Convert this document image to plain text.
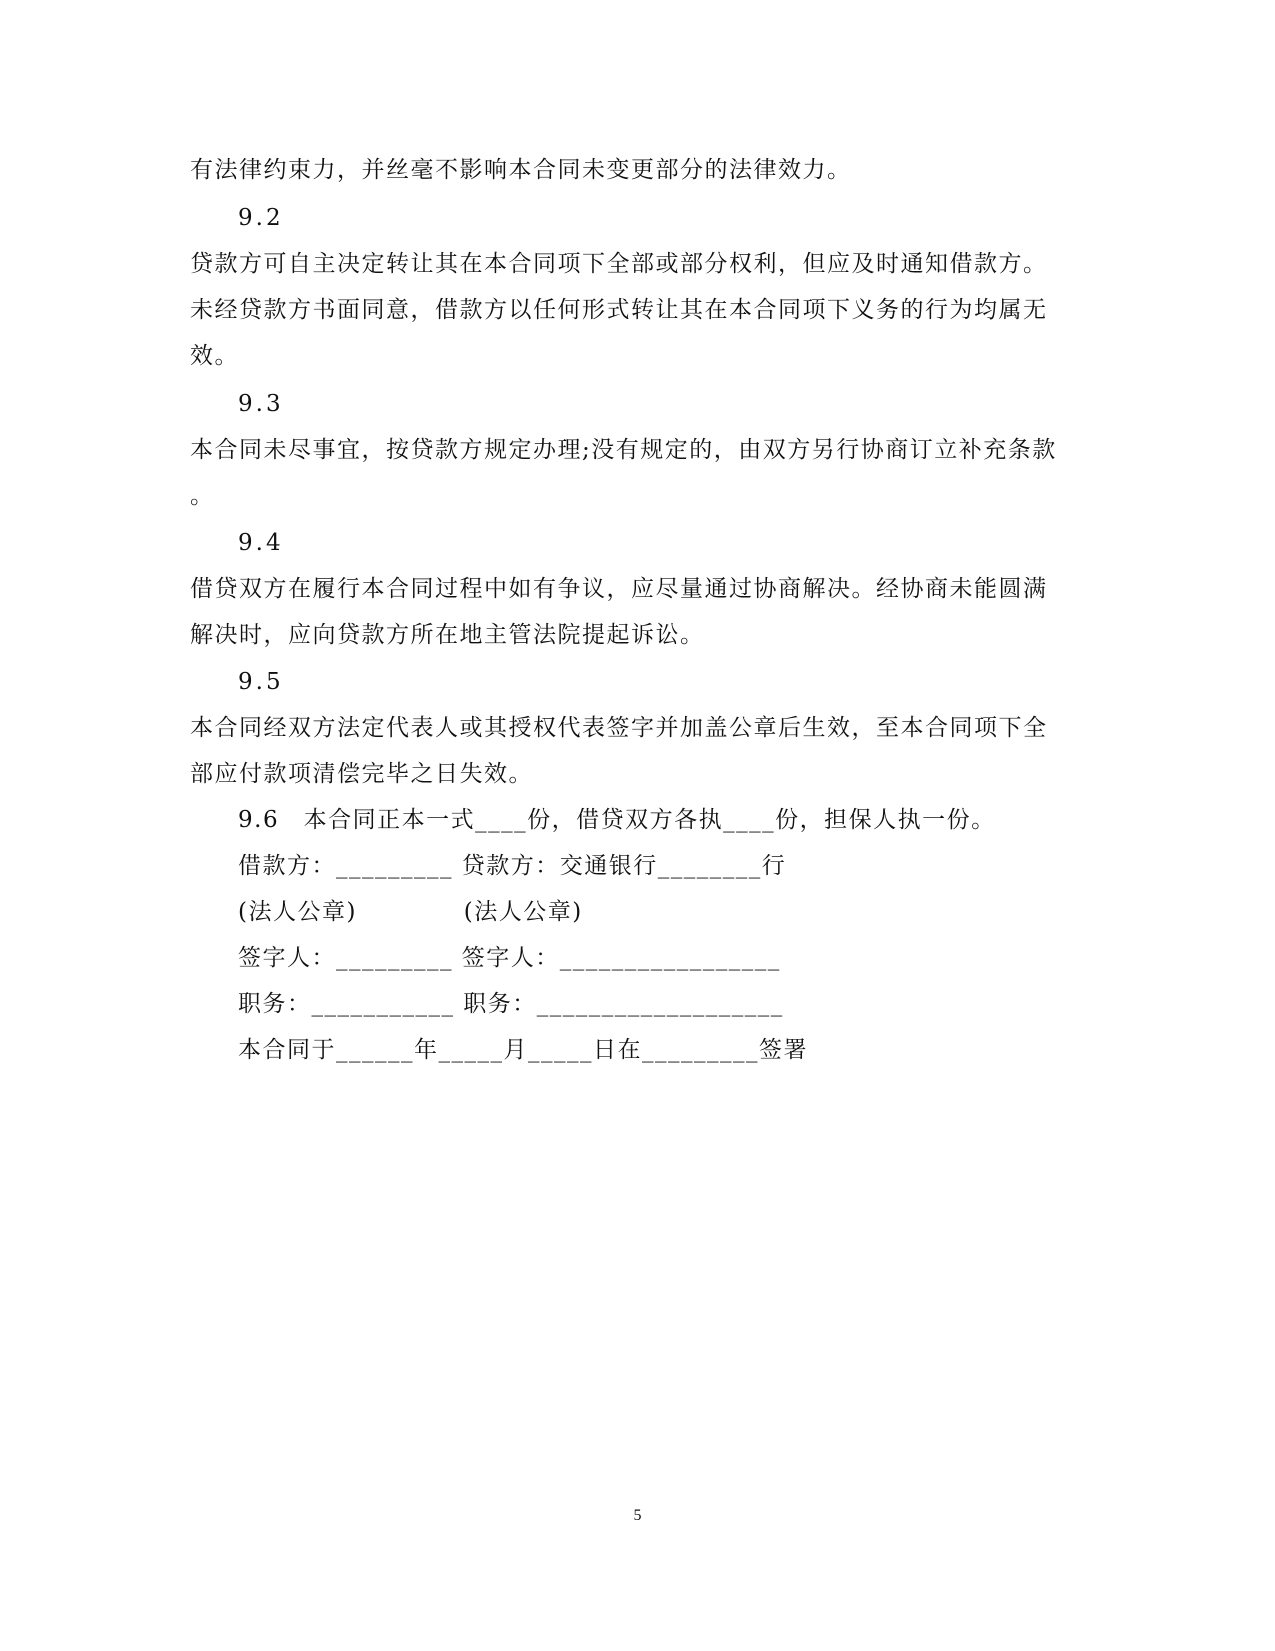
有法律约束力，并丝毫不影响本合同未变更部分的法律效力。
9.2
贷款方可自主决定转让其在本合同项下全部或部分权利，但应及时通知借款方。
未经贷款方书面同意，借款方以任何形式转让其在本合同项下义务的行为均属无
效。
9.3
本合同未尽事宜，按贷款方规定办理;没有规定的，由双方另行协商订立补充条款
。
9.4
借贷双方在履行本合同过程中如有争议，应尽量通过协商解决。经协商未能圆满
解决时，应向贷款方所在地主管法院提起诉讼。
9.5
本合同经双方法定代表人或其授权代表签字并加盖公章后生效，至本合同项下全
部应付款项清偿完毕之日失效。
9.6　本合同正本一式____份，借贷双方各执____份，担保人执一份。
借款方：_________ 贷款方：交通银行________行
(法人公章)　　　　 (法人公章)
签字人：_________ 签字人：_________________
职务：___________ 职务：___________________
本合同于______年_____月_____日在_________签署
5
